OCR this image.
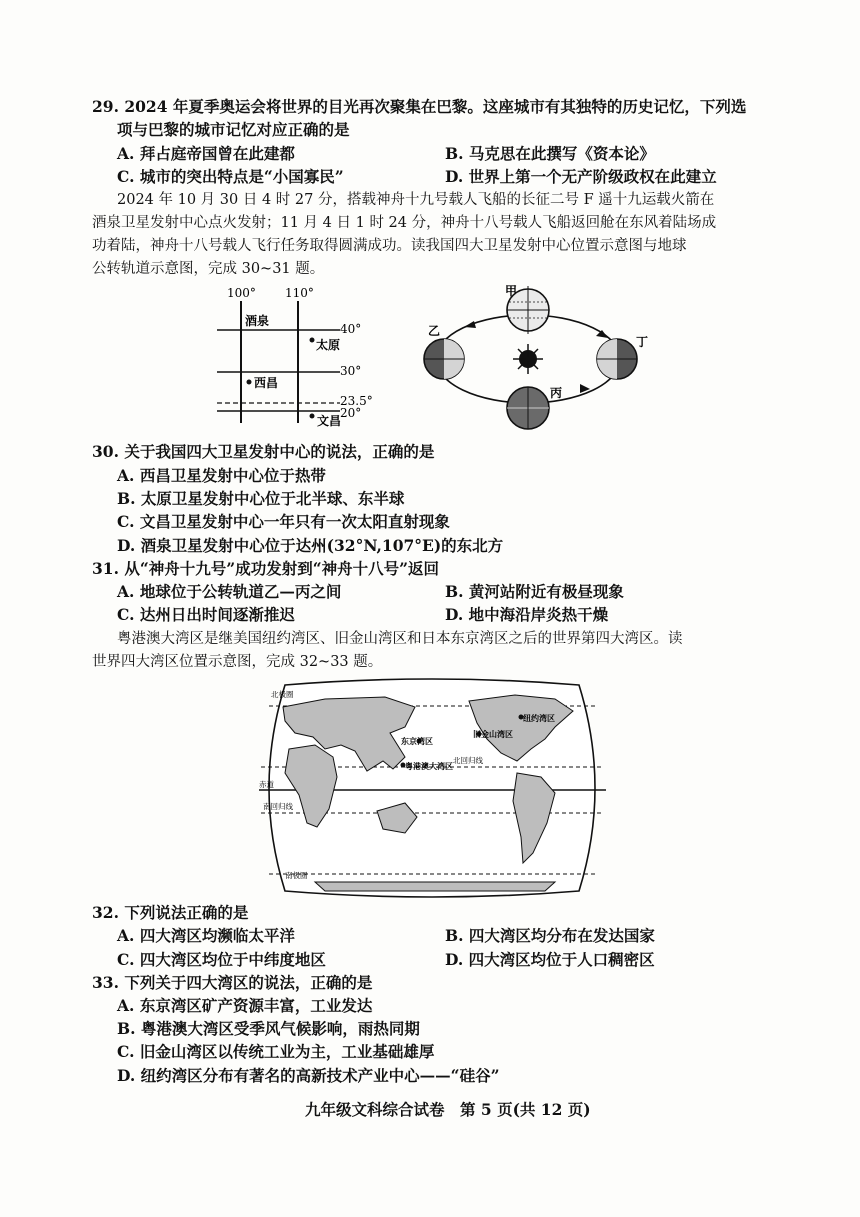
29. 2024 年夏季奥运会将世界的目光再次聚集在巴黎。这座城市有其独特的历史记忆，下列选
项与巴黎的城市记忆对应正确的是
A. 拜占庭帝国曾在此建都	B. 马克思在此撰写《资本论》
C. 城市的突出特点是“小国寡民”	D. 世界上第一个无产阶级政权在此建立
2024 年 10 月 30 日 4 时 27 分，搭载神舟十九号载人飞船的长征二号 F 遥十九运载火箭在
酒泉卫星发射中心点火发射；11 月 4 日 1 时 24 分，神舟十八号载人飞船返回舱在东风着陆场成
功着陆，神舟十八号载人飞行任务取得圆满成功。读我国四大卫星发射中心位置示意图与地球
公转轨道示意图，完成 30~31 题。
100° 110°
40°
30°
23.5°
20°
酒泉
太原
西昌
文昌
甲
乙
丁
丙
30. 关于我国四大卫星发射中心的说法，正确的是
A. 西昌卫星发射中心位于热带
B. 太原卫星发射中心位于北半球、东半球
C. 文昌卫星发射中心一年只有一次太阳直射现象
D. 酒泉卫星发射中心位于达州(32°N,107°E)的东北方
31. 从“神舟十九号”成功发射到“神舟十八号”返回
A. 地球位于公转轨道乙—丙之间	B. 黄河站附近有极昼现象
C. 达州日出时间逐渐推迟	D. 地中海沿岸炎热干燥
粤港澳大湾区是继美国纽约湾区、旧金山湾区和日本东京湾区之后的世界第四大湾区。读
世界四大湾区位置示意图，完成 32~33 题。
北极圈
北回归线
赤道
南回归线
南极圈
东京湾区
粤港澳大湾区
旧金山湾区
纽约湾区
32. 下列说法正确的是
A. 四大湾区均濒临太平洋	B. 四大湾区均分布在发达国家
C. 四大湾区均位于中纬度地区	D. 四大湾区均位于人口稠密区
33. 下列关于四大湾区的说法，正确的是
A. 东京湾区矿产资源丰富，工业发达
B. 粤港澳大湾区受季风气候影响，雨热同期
C. 旧金山湾区以传统工业为主，工业基础雄厚
D. 纽约湾区分布有著名的高新技术产业中心——“硅谷”
九年级文科综合试卷　第 5 页(共 12 页)
